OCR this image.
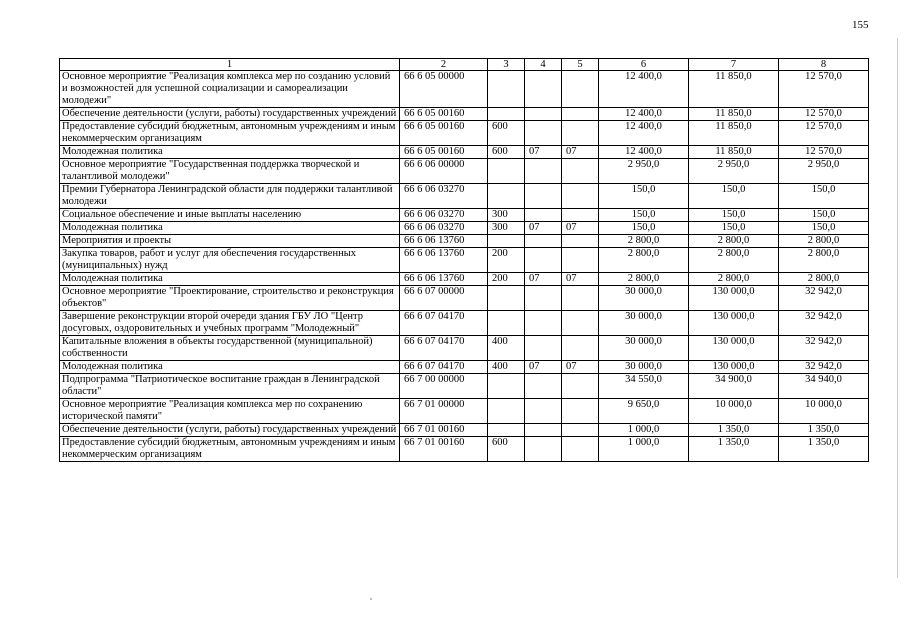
155
1	2	3	4	5	6	7	8
Основное мероприятие "Реализация комплекса мер по созданию условий и возможностей для успешной социализации и самореализации молодежи"	66 6 05 00000				12 400,0	11 850,0	12 570,0
Обеспечение деятельности (услуги, работы) государственных учреждений	66 6 05 00160				12 400,0	11 850,0	12 570,0
Предоставление субсидий бюджетным, автономным учреждениям и иным некоммерческим организациям	66 6 05 00160	600			12 400,0	11 850,0	12 570,0
Молодежная политика	66 6 05 00160	600	07	07	12 400,0	11 850,0	12 570,0
Основное мероприятие "Государственная поддержка творческой и талантливой молодежи"	66 6 06 00000				2 950,0	2 950,0	2 950,0
Премии Губернатора Ленинградской области для поддержки талантливой молодежи	66 6 06 03270				150,0	150,0	150,0
Социальное обеспечение и иные выплаты населению	66 6 06 03270	300			150,0	150,0	150,0
Молодежная политика	66 6 06 03270	300	07	07	150,0	150,0	150,0
Мероприятия и проекты	66 6 06 13760				2 800,0	2 800,0	2 800,0
Закупка товаров, работ и услуг для обеспечения государственных (муниципальных) нужд	66 6 06 13760	200			2 800,0	2 800,0	2 800,0
Молодежная политика	66 6 06 13760	200	07	07	2 800,0	2 800,0	2 800,0
Основное мероприятие "Проектирование, строительство и реконструкция объектов"	66 6 07 00000				30 000,0	130 000,0	32 942,0
Завершение реконструкции второй очереди здания ГБУ ЛО "Центр досуговых, оздоровительных и учебных программ "Молодежный"	66 6 07 04170				30 000,0	130 000,0	32 942,0
Капитальные вложения в объекты государственной (муниципальной) собственности	66 6 07 04170	400			30 000,0	130 000,0	32 942,0
Молодежная политика	66 6 07 04170	400	07	07	30 000,0	130 000,0	32 942,0
Подпрограмма "Патриотическое воспитание граждан в Ленинградской области"	66 7 00 00000				34 550,0	34 900,0	34 940,0
Основное мероприятие "Реализация комплекса мер по сохранению исторической памяти"	66 7 01 00000				9 650,0	10 000,0	10 000,0
Обеспечение деятельности (услуги, работы) государственных учреждений	66 7 01 00160				1 000,0	1 350,0	1 350,0
Предоставление субсидий бюджетным, автономным учреждениям и иным некоммерческим организациям	66 7 01 00160	600			1 000,0	1 350,0	1 350,0
